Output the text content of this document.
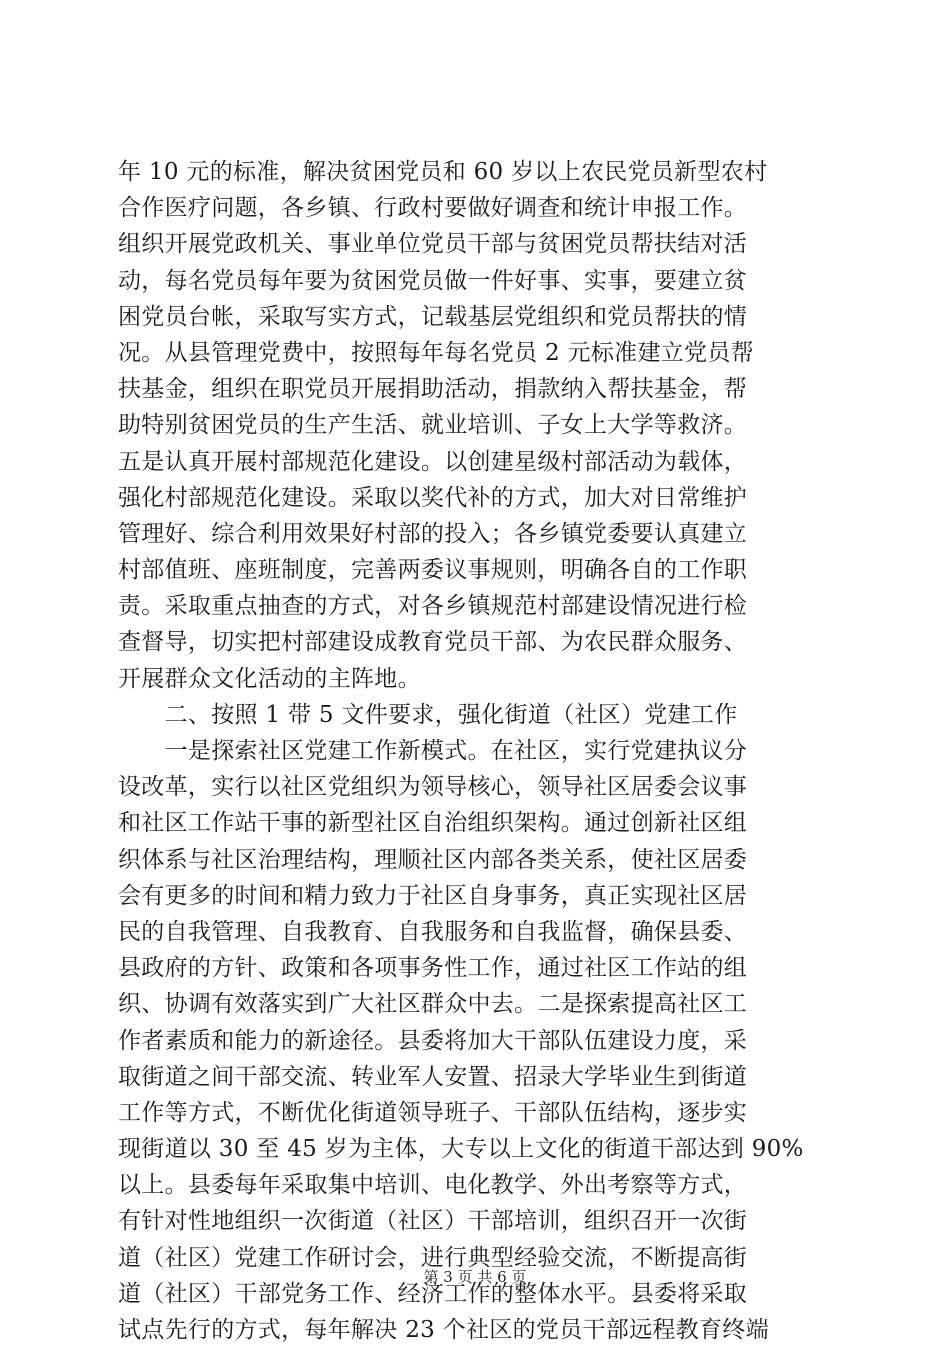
年 10 元的标准，解决贫困党员和 60 岁以上农民党员新型农村
合作医疗问题，各乡镇、行政村要做好调查和统计申报工作。
组织开展党政机关、事业单位党员干部与贫困党员帮扶结对活
动，每名党员每年要为贫困党员做一件好事、实事，要建立贫
困党员台帐，采取写实方式，记载基层党组织和党员帮扶的情
况。从县管理党费中，按照每年每名党员 2 元标准建立党员帮
扶基金，组织在职党员开展捐助活动，捐款纳入帮扶基金，帮
助特别贫困党员的生产生活、就业培训、子女上大学等救济。
五是认真开展村部规范化建设。以创建星级村部活动为载体，
强化村部规范化建设。采取以奖代补的方式，加大对日常维护
管理好、综合利用效果好村部的投入；各乡镇党委要认真建立
村部值班、座班制度，完善两委议事规则，明确各自的工作职
责。采取重点抽查的方式，对各乡镇规范村部建设情况进行检
查督导，切实把村部建设成教育党员干部、为农民群众服务、
开展群众文化活动的主阵地。
　　二、按照 1 带 5 文件要求，强化街道（社区）党建工作
　　一是探索社区党建工作新模式。在社区，实行党建执议分
设改革，实行以社区党组织为领导核心，领导社区居委会议事
和社区工作站干事的新型社区自治组织架构。通过创新社区组
织体系与社区治理结构，理顺社区内部各类关系，使社区居委
会有更多的时间和精力致力于社区自身事务，真正实现社区居
民的自我管理、自我教育、自我服务和自我监督，确保县委、
县政府的方针、政策和各项事务性工作，通过社区工作站的组
织、协调有效落实到广大社区群众中去。二是探索提高社区工
作者素质和能力的新途径。县委将加大干部队伍建设力度，采
取街道之间干部交流、转业军人安置、招录大学毕业生到街道
工作等方式，不断优化街道领导班子、干部队伍结构，逐步实
现街道以 30 至 45 岁为主体，大专以上文化的街道干部达到 90%
以上。县委每年采取集中培训、电化教学、外出考察等方式，
有针对性地组织一次街道（社区）干部培训，组织召开一次街
道（社区）党建工作研讨会，进行典型经验交流，不断提高街
道（社区）干部党务工作、经济工作的整体水平。县委将采取
试点先行的方式，每年解决 23 个社区的党员干部远程教育终端
第 3 页 共 6 页
